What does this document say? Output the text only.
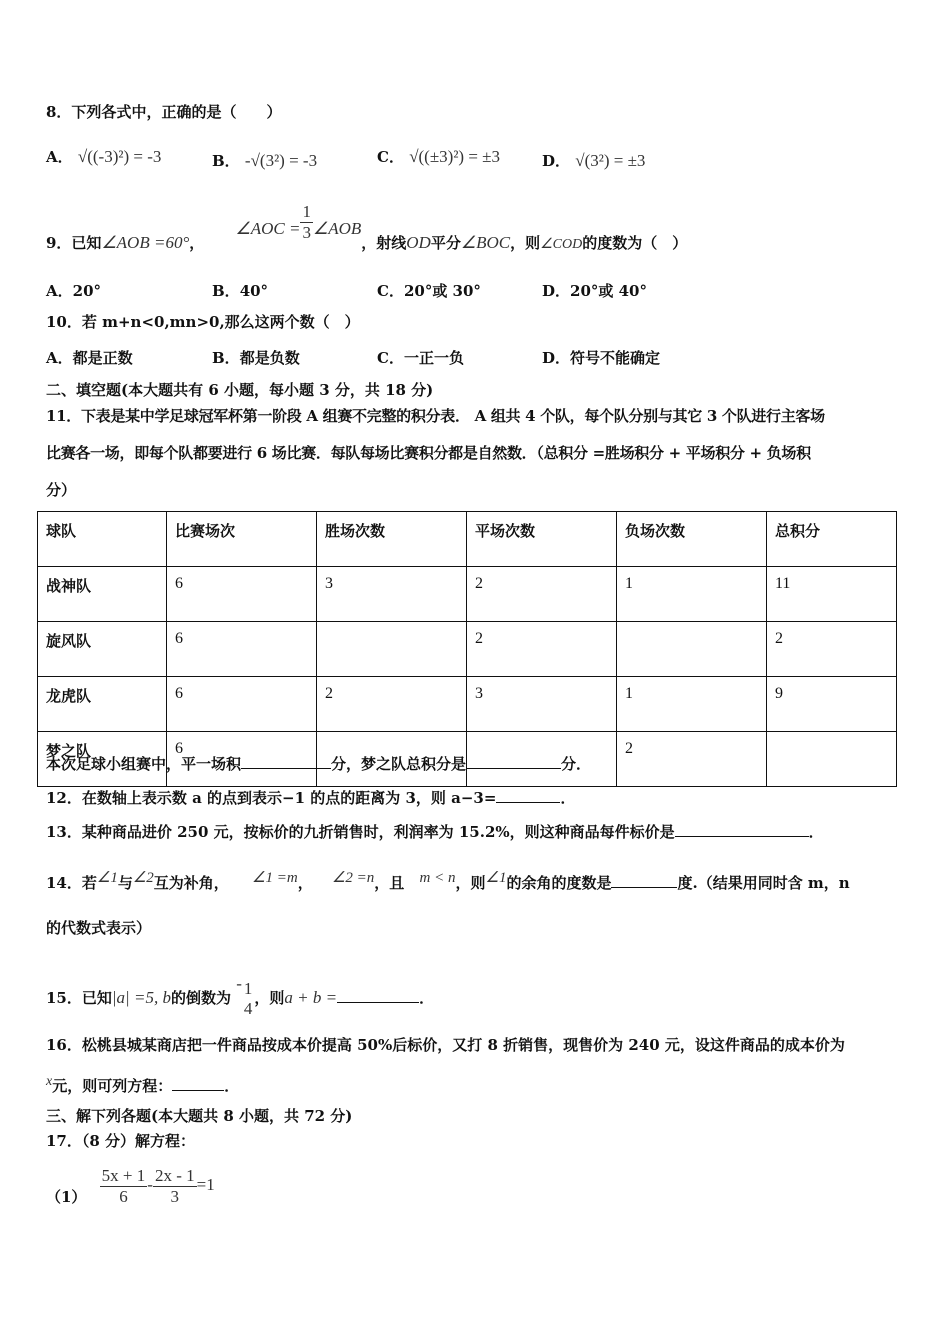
8．下列各式中，正确的是（　　）
A． √((-3)²) = -3	B． -√(3²) = -3	C． √((±3)²) = ±3	D． √(3²) = ±3
9．已知∠AOB =60°， ∠AOC = $\frac{1}{3}$ ∠AOB，射线OD平分∠BOC，则∠COD的度数为（　）
A．20°	B．40°	C．20°或 30°	D．20°或 40°
10．若 m+n<0,mn>0,那么这两个数（　）
A．都是正数	B．都是负数	C．一正一负	D．符号不能确定
二、填空题(本大题共有 6 小题，每小题 3 分，共 18 分)
11．下表是某中学足球冠军杯第一阶段 A 组赛不完整的积分表． A 组共 4 个队，每个队分别与其它 3 个队进行主客场
比赛各一场，即每个队都要进行 6 场比赛．每队每场比赛积分都是自然数．（总积分 =胜场积分 + 平场积分 + 负场积
分）
球队	比赛场次	胜场次数	平场次数	负场次数	总积分
战神队	6	3	2	1	11
旋风队	6		2		2
龙虎队	6	2	3	1	9
梦之队	6			2	
本次足球小组赛中，平一场积	分，梦之队总积分是	分．
12．在数轴上表示数 a 的点到表示−1 的点的距离为 3，则 a−3=	．
13．某种商品进价 250 元，按标价的九折销售时，利润率为 15.2%，则这种商品每件标价是	．
14．若$^{\angle 1}$与$^{\angle 2}$互为补角， $^{\angle 1 =m}$， $^{\angle 2 =n}$，且 $^{m < n}$，则$^{\angle 1}$的余角的度数是	度.（结果用同时含 m，n
的代数式表示）
15．已知|a| =5, b的倒数为 - 1
4
，则a + b =	．
16．松桃县城某商店把一件商品按成本价提高 50%后标价，又打 8 折销售，现售价为 240 元，设这件商品的成本价为
$^x$元，则可列方程：	．
三、解下列各题(本大题共 8 小题，共 72 分)
17．（8 分）解方程：
$(1) \frac{5x + 1}{6} - \frac{2x - 1}{3} =1$
